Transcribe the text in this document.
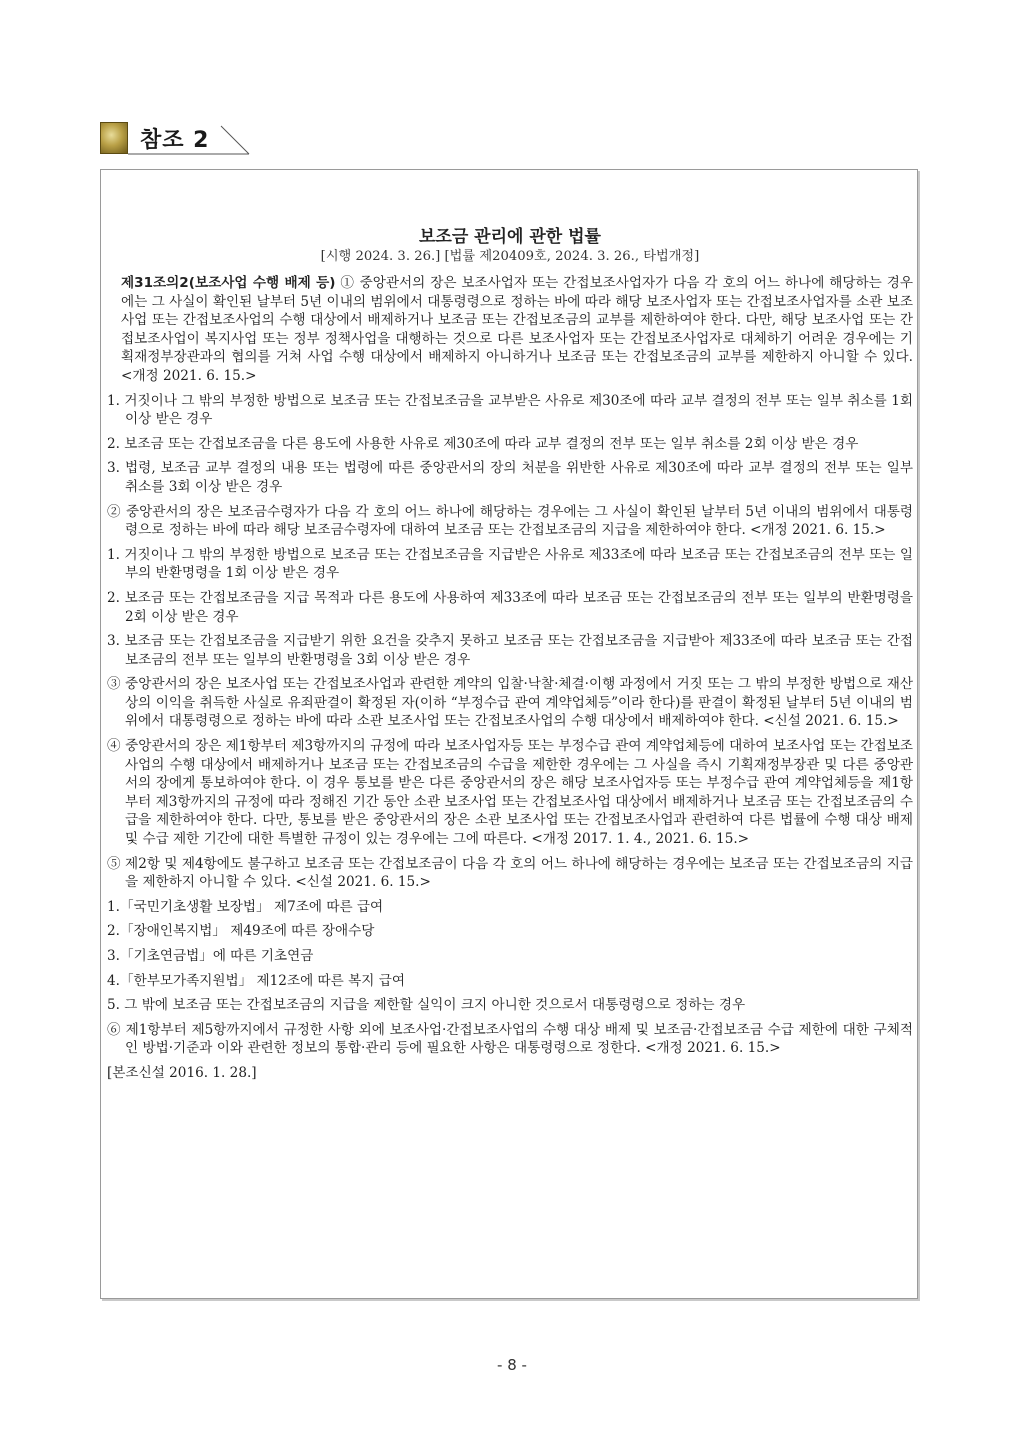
참조 2

보조금 관리에 관한 법률

[시행 2024. 3. 26.] [법률 제20409호, 2024. 3. 26., 타법개정]

제31조의2(보조사업 수행 배제 등) ① 중앙관서의 장은 보조사업자 또는 간접보조사업자가 다음 각 호의 어느 하나에 해당하는 경우에는 그 사실이 확인된 날부터 5년 이내의 범위에서 대통령령으로 정하는 바에 따라 해당 보조사업자 또는 간접보조사업자를 소관 보조사업 또는 간접보조사업의 수행 대상에서 배제하거나 보조금 또는 간접보조금의 교부를 제한하여야 한다. 다만, 해당 보조사업 또는 간접보조사업이 복지사업 또는 정부 정책사업을 대행하는 것으로 다른 보조사업자 또는 간접보조사업자로 대체하기 어려운 경우에는 기획재정부장관과의 협의를 거쳐 사업 수행 대상에서 배제하지 아니하거나 보조금 또는 간접보조금의 교부를 제한하지 아니할 수 있다. <개정 2021. 6. 15.>

1. 거짓이나 그 밖의 부정한 방법으로 보조금 또는 간접보조금을 교부받은 사유로 제30조에 따라 교부 결정의 전부 또는 일부 취소를 1회 이상 받은 경우

2. 보조금 또는 간접보조금을 다른 용도에 사용한 사유로 제30조에 따라 교부 결정의 전부 또는 일부 취소를 2회 이상 받은 경우

3. 법령, 보조금 교부 결정의 내용 또는 법령에 따른 중앙관서의 장의 처분을 위반한 사유로 제30조에 따라 교부 결정의 전부 또는 일부 취소를 3회 이상 받은 경우

② 중앙관서의 장은 보조금수령자가 다음 각 호의 어느 하나에 해당하는 경우에는 그 사실이 확인된 날부터 5년 이내의 범위에서 대통령령으로 정하는 바에 따라 해당 보조금수령자에 대하여 보조금 또는 간접보조금의 지급을 제한하여야 한다. <개정 2021. 6. 15.>

1. 거짓이나 그 밖의 부정한 방법으로 보조금 또는 간접보조금을 지급받은 사유로 제33조에 따라 보조금 또는 간접보조금의 전부 또는 일부의 반환명령을 1회 이상 받은 경우

2. 보조금 또는 간접보조금을 지급 목적과 다른 용도에 사용하여 제33조에 따라 보조금 또는 간접보조금의 전부 또는 일부의 반환명령을 2회 이상 받은 경우

3. 보조금 또는 간접보조금을 지급받기 위한 요건을 갖추지 못하고 보조금 또는 간접보조금을 지급받아 제33조에 따라 보조금 또는 간접보조금의 전부 또는 일부의 반환명령을 3회 이상 받은 경우

③ 중앙관서의 장은 보조사업 또는 간접보조사업과 관련한 계약의 입찰·낙찰·체결·이행 과정에서 거짓 또는 그 밖의 부정한 방법으로 재산상의 이익을 취득한 사실로 유죄판결이 확정된 자(이하 “부정수급 관여 계약업체등”이라 한다)를 판결이 확정된 날부터 5년 이내의 범위에서 대통령령으로 정하는 바에 따라 소관 보조사업 또는 간접보조사업의 수행 대상에서 배제하여야 한다. <신설 2021. 6. 15.>

④ 중앙관서의 장은 제1항부터 제3항까지의 규정에 따라 보조사업자등 또는 부정수급 관여 계약업체등에 대하여 보조사업 또는 간접보조사업의 수행 대상에서 배제하거나 보조금 또는 간접보조금의 수급을 제한한 경우에는 그 사실을 즉시 기획재정부장관 및 다른 중앙관서의 장에게 통보하여야 한다. 이 경우 통보를 받은 다른 중앙관서의 장은 해당 보조사업자등 또는 부정수급 관여 계약업체등을 제1항부터 제3항까지의 규정에 따라 정해진 기간 동안 소관 보조사업 또는 간접보조사업 대상에서 배제하거나 보조금 또는 간접보조금의 수급을 제한하여야 한다. 다만, 통보를 받은 중앙관서의 장은 소관 보조사업 또는 간접보조사업과 관련하여 다른 법률에 수행 대상 배제 및 수급 제한 기간에 대한 특별한 규정이 있는 경우에는 그에 따른다. <개정 2017. 1. 4., 2021. 6. 15.>

⑤ 제2항 및 제4항에도 불구하고 보조금 또는 간접보조금이 다음 각 호의 어느 하나에 해당하는 경우에는 보조금 또는 간접보조금의 지급을 제한하지 아니할 수 있다. <신설 2021. 6. 15.>

1.「국민기초생활 보장법」 제7조에 따른 급여

2.「장애인복지법」 제49조에 따른 장애수당

3.「기초연금법」에 따른 기초연금

4.「한부모가족지원법」 제12조에 따른 복지 급여

5. 그 밖에 보조금 또는 간접보조금의 지급을 제한할 실익이 크지 아니한 것으로서 대통령령으로 정하는 경우

⑥ 제1항부터 제5항까지에서 규정한 사항 외에 보조사업·간접보조사업의 수행 대상 배제 및 보조금·간접보조금 수급 제한에 대한 구체적인 방법·기준과 이와 관련한 정보의 통합·관리 등에 필요한 사항은 대통령령으로 정한다. <개정 2021. 6. 15.>

[본조신설 2016. 1. 28.]

- 8 -
